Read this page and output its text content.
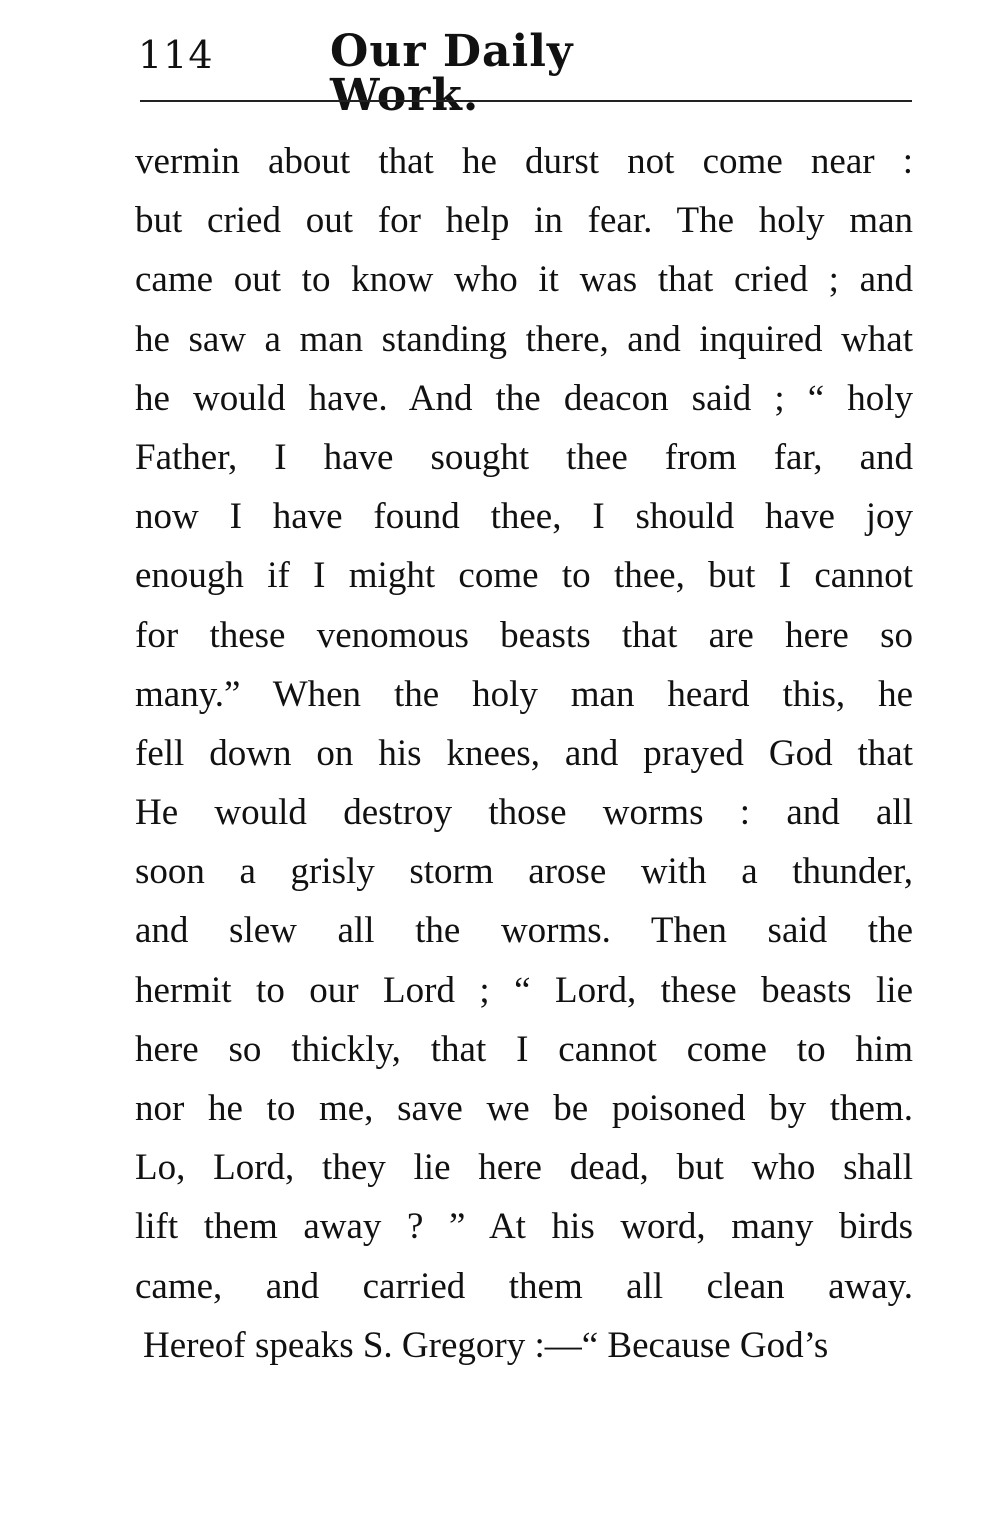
114	Our Daily Work.
vermin about that he durst not come near :
but cried out for help in fear. The holy man
came out to know who it was that cried ; and
he saw a man standing there, and inquired what
he would have. And the deacon said ; “ holy
Father, I have sought thee from far, and
now I have found thee, I should have joy
enough if I might come to thee, but I cannot
for these venomous beasts that are here so
many.” When the holy man heard this, he
fell down on his knees, and prayed God that
He would destroy those worms : and all
soon a grisly storm arose with a thunder,
and slew all the worms. Then said the
hermit to our Lord ; “ Lord, these beasts lie
here so thickly, that I cannot come to him
nor he to me, save we be poisoned by them.
Lo, Lord, they lie here dead, but who shall
lift them away ? ” At his word, many birds
came, and carried them all clean away.
Hereof speaks S. Gregory :—“ Because God’s
